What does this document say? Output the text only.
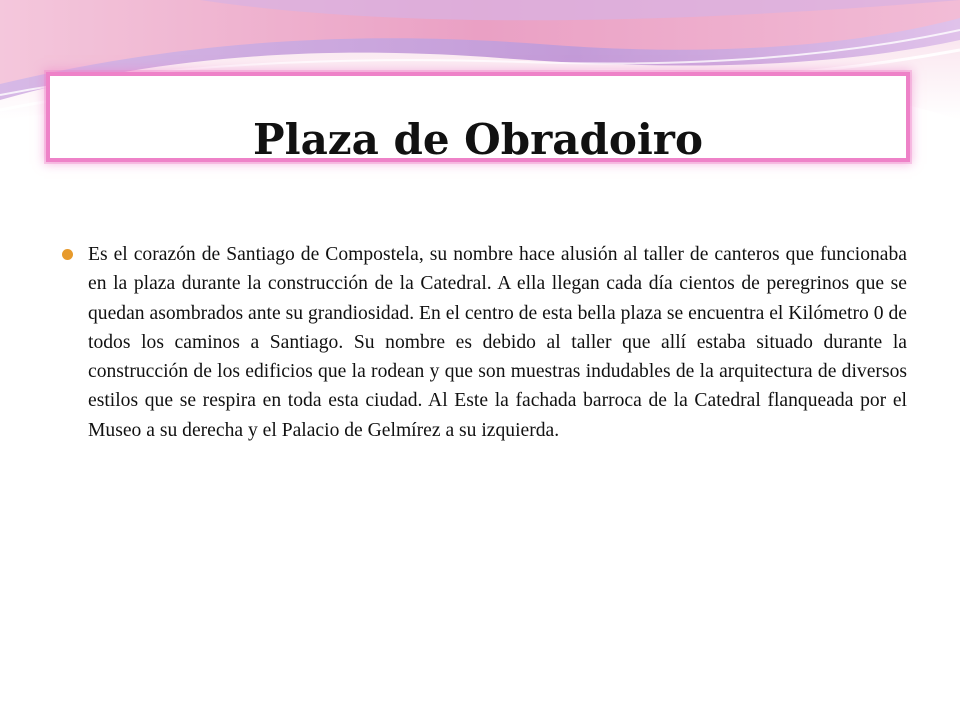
Plaza de Obradoiro

Es el corazón de Santiago de Compostela, su nombre hace alusión al taller de canteros que funcionaba en la plaza durante la construcción de la Catedral. A ella llegan cada día cientos de peregrinos que se quedan asombrados ante su grandiosidad. En el centro de esta bella plaza se encuentra el Kilómetro 0 de todos los caminos a Santiago. Su nombre es debido al taller que allí estaba situado durante la construcción de los edificios que la rodean y que son muestras indudables de la arquitectura de diversos estilos que se respira en toda esta ciudad. Al Este la fachada barroca de la Catedral flanqueada por el Museo a su derecha y el Palacio de Gelmírez a su izquierda.
